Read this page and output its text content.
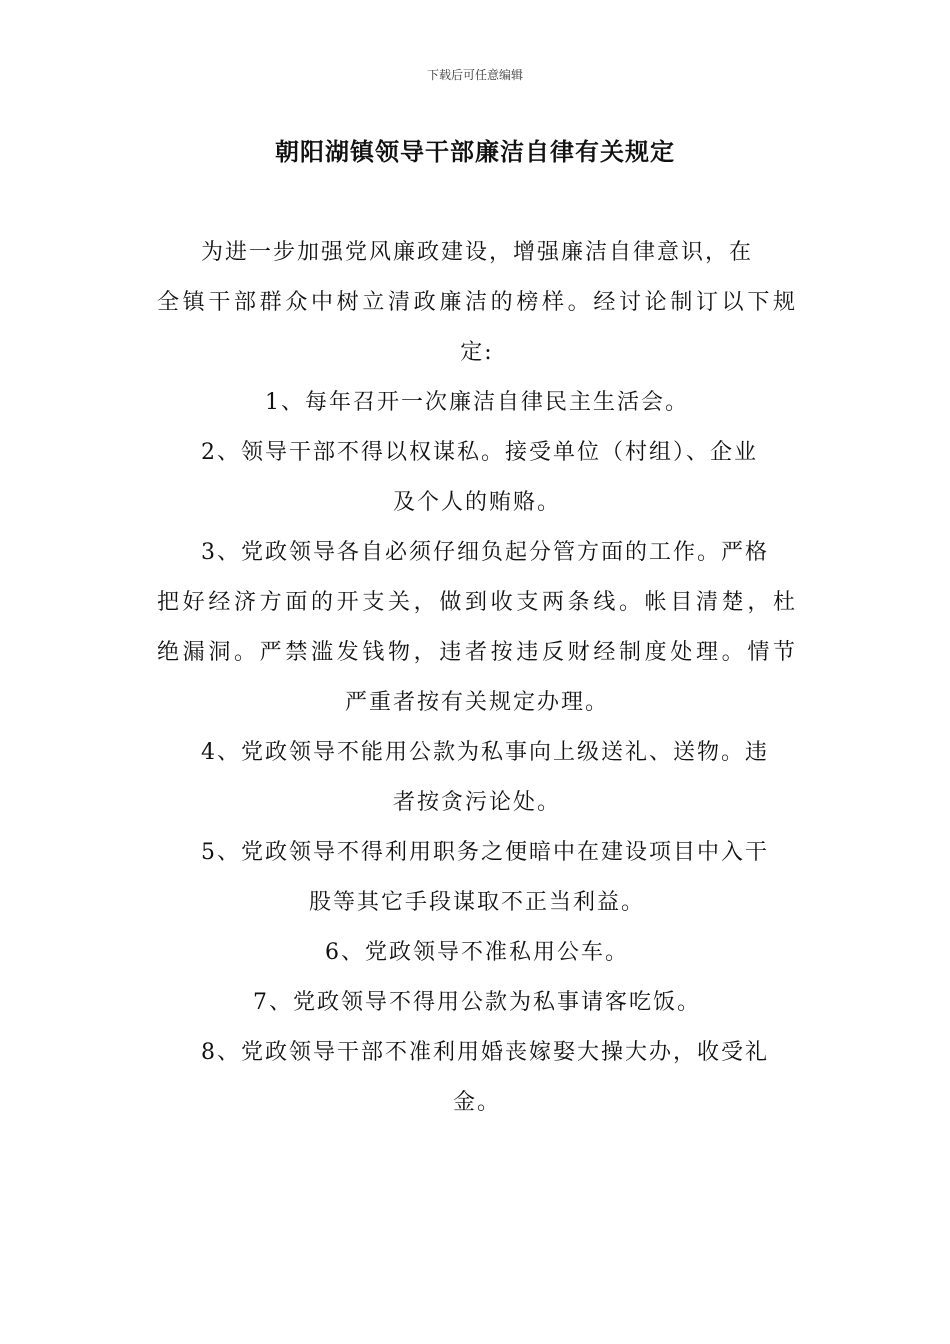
下载后可任意编辑
朝阳湖镇领导干部廉洁自律有关规定
为进一步加强党风廉政建设，增强廉洁自律意识，在
全镇干部群众中树立清政廉洁的榜样。经讨论制订以下规
定:
1、每年召开一次廉洁自律民主生活会。
2、领导干部不得以权谋私。接受单位（村组）、企业
及个人的贿赂。
3、党政领导各自必须仔细负起分管方面的工作。严格
把好经济方面的开支关，做到收支两条线。帐目清楚，杜
绝漏洞。严禁滥发钱物，违者按违反财经制度处理。情节
严重者按有关规定办理。
4、党政领导不能用公款为私事向上级送礼、送物。违
者按贪污论处。
5、党政领导不得利用职务之便暗中在建设项目中入干
股等其它手段谋取不正当利益。
6、党政领导不准私用公车。
7、党政领导不得用公款为私事请客吃饭。
8、党政领导干部不准利用婚丧嫁娶大操大办，收受礼
金。
